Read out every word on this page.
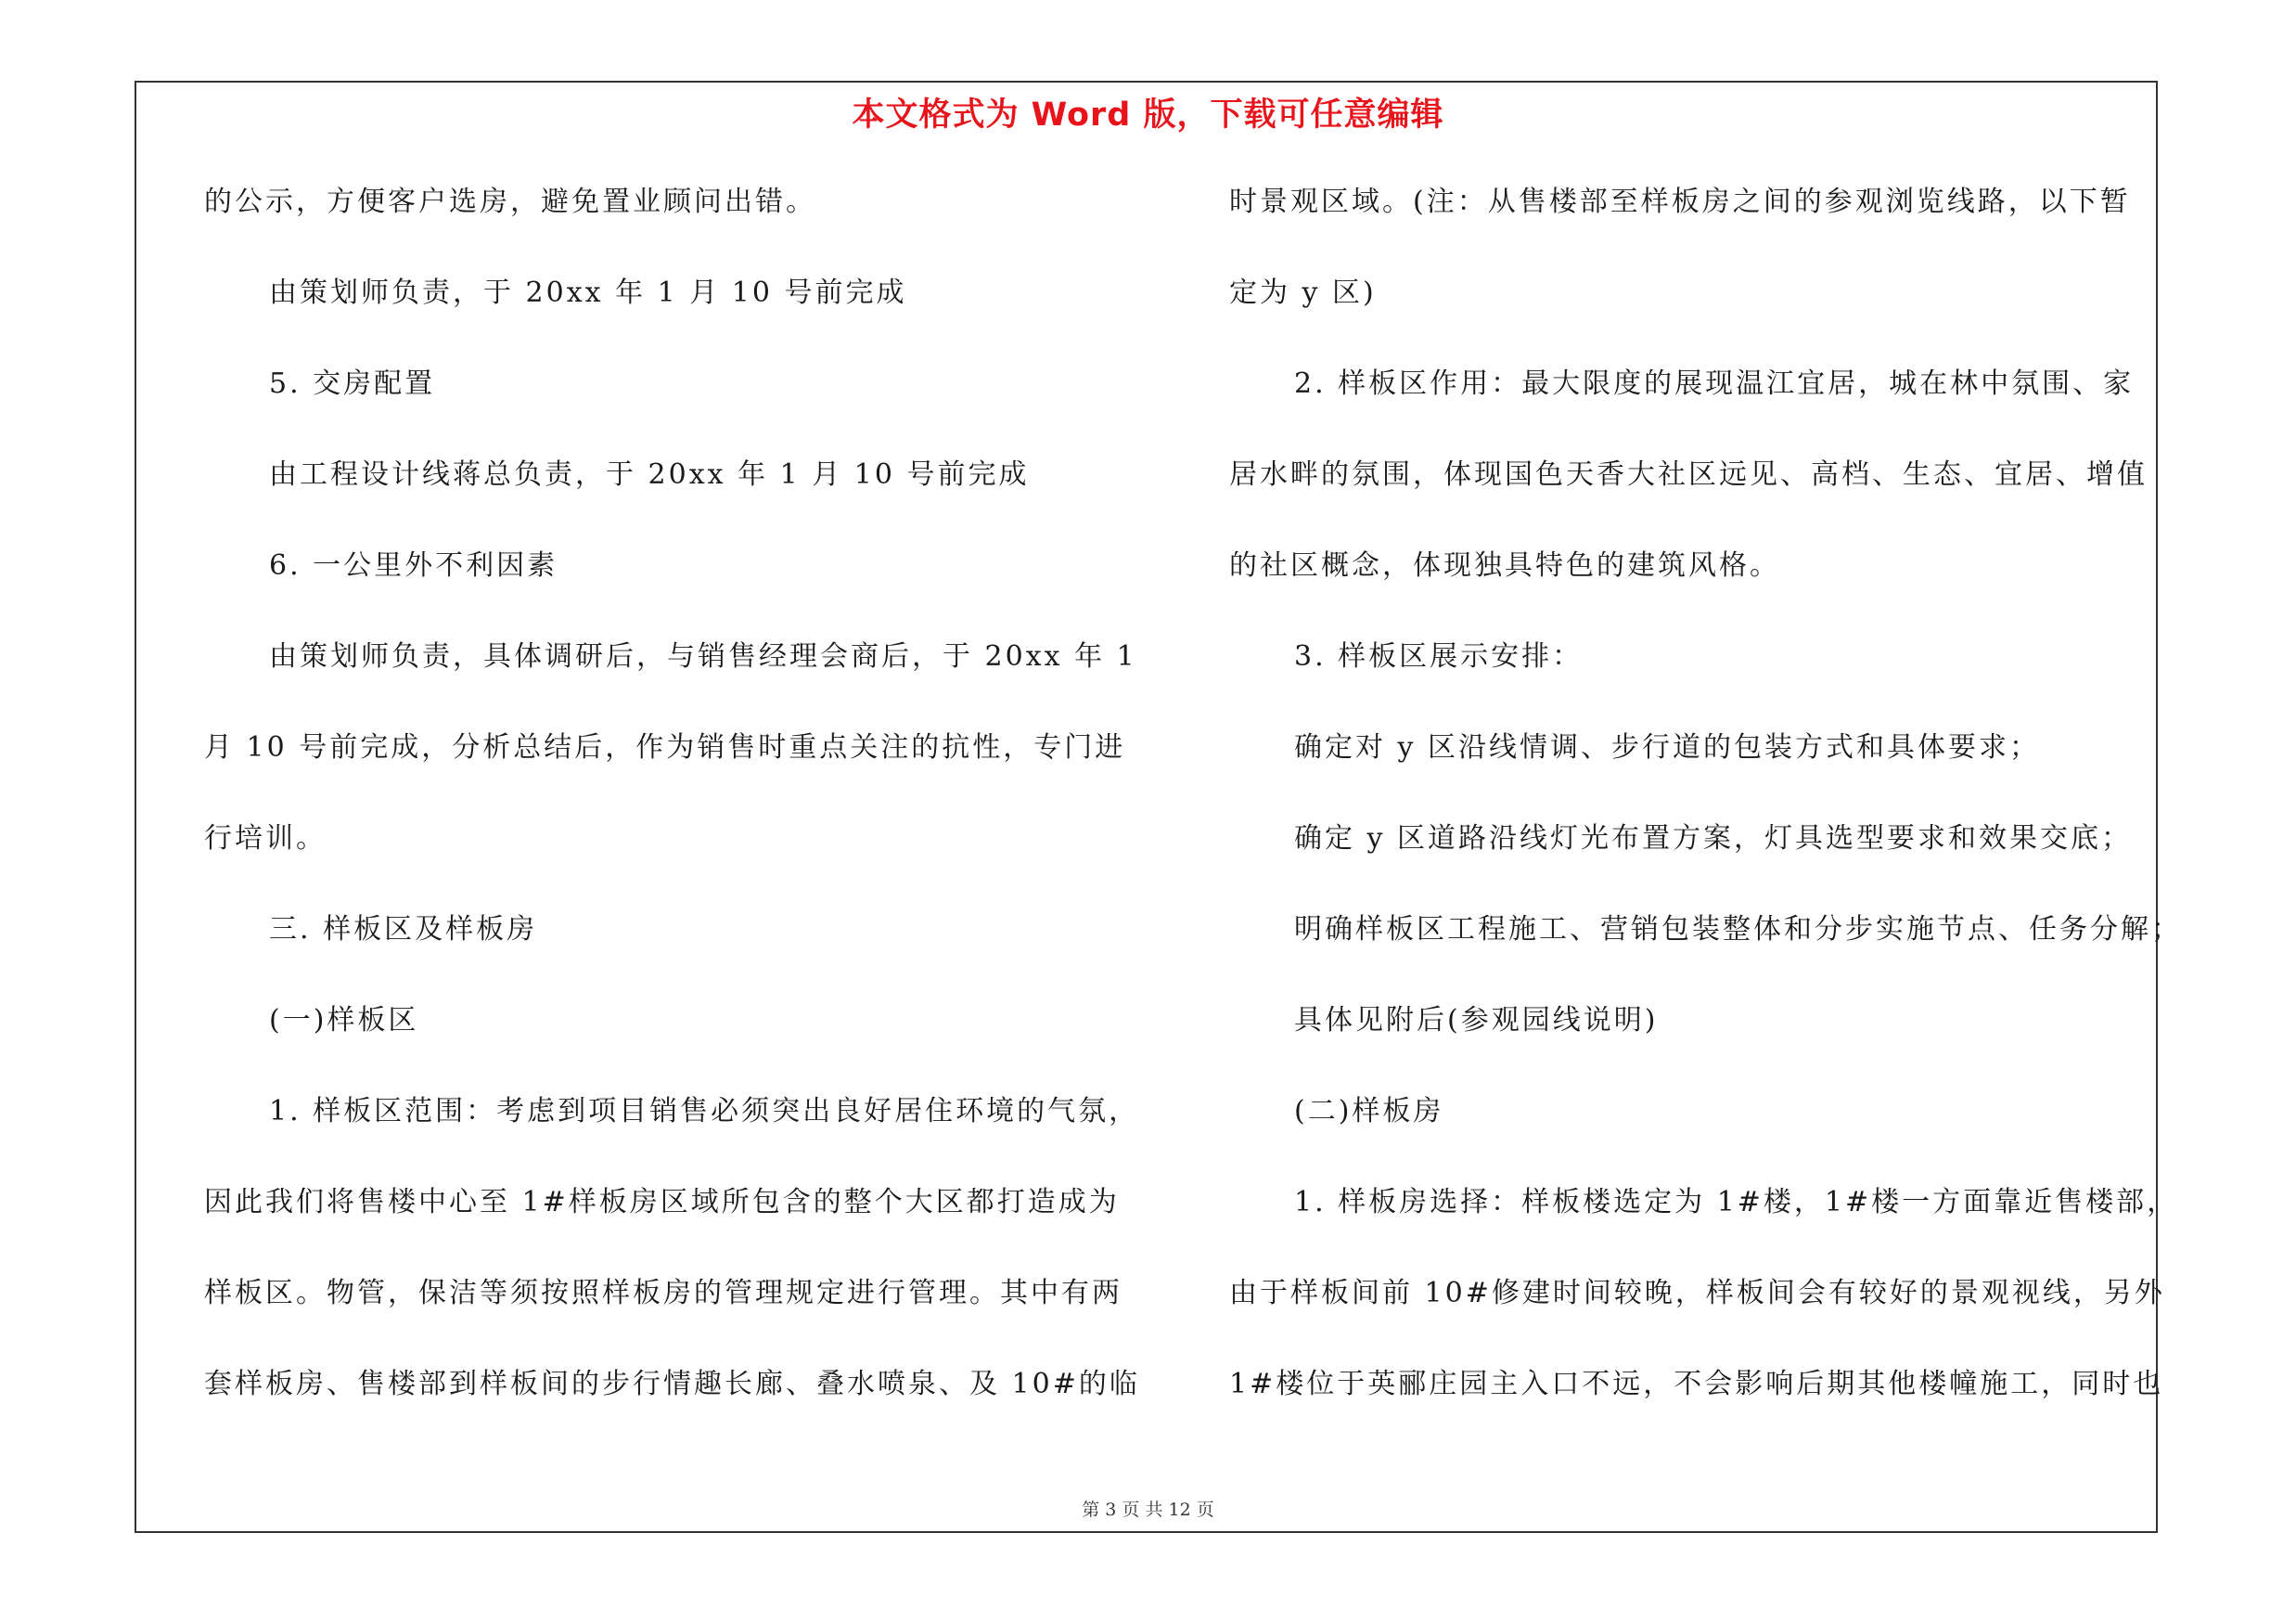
本文格式为 Word 版，下载可任意编辑
的公示，方便客户选房，避免置业顾问出错。
由策划师负责，于 20xx 年 1 月 10 号前完成
5. 交房配置
由工程设计线蒋总负责，于 20xx 年 1 月 10 号前完成
6. 一公里外不利因素
由策划师负责，具体调研后，与销售经理会商后，于 20xx 年 1
月 10 号前完成，分析总结后，作为销售时重点关注的抗性，专门进
行培训。
三. 样板区及样板房
(一)样板区
1. 样板区范围：考虑到项目销售必须突出良好居住环境的气氛，
因此我们将售楼中心至 1#样板房区域所包含的整个大区都打造成为
样板区。物管，保洁等须按照样板房的管理规定进行管理。其中有两
套样板房、售楼部到样板间的步行情趣长廊、叠水喷泉、及 10#的临
时景观区域。(注：从售楼部至样板房之间的参观浏览线路，以下暂
定为 y 区)
2. 样板区作用：最大限度的展现温江宜居，城在林中氛围、家
居水畔的氛围，体现国色天香大社区远见、高档、生态、宜居、增值
的社区概念，体现独具特色的建筑风格。
3. 样板区展示安排：
确定对 y 区沿线情调、步行道的包装方式和具体要求；
确定 y 区道路沿线灯光布置方案，灯具选型要求和效果交底；
明确样板区工程施工、营销包装整体和分步实施节点、任务分解；
具体见附后(参观园线说明)
(二)样板房
1. 样板房选择：样板楼选定为 1#楼，1#楼一方面靠近售楼部，
由于样板间前 10#修建时间较晚，样板间会有较好的景观视线，另外
1#楼位于英郦庄园主入口不远，不会影响后期其他楼幢施工，同时也
第 3 页 共 12 页
